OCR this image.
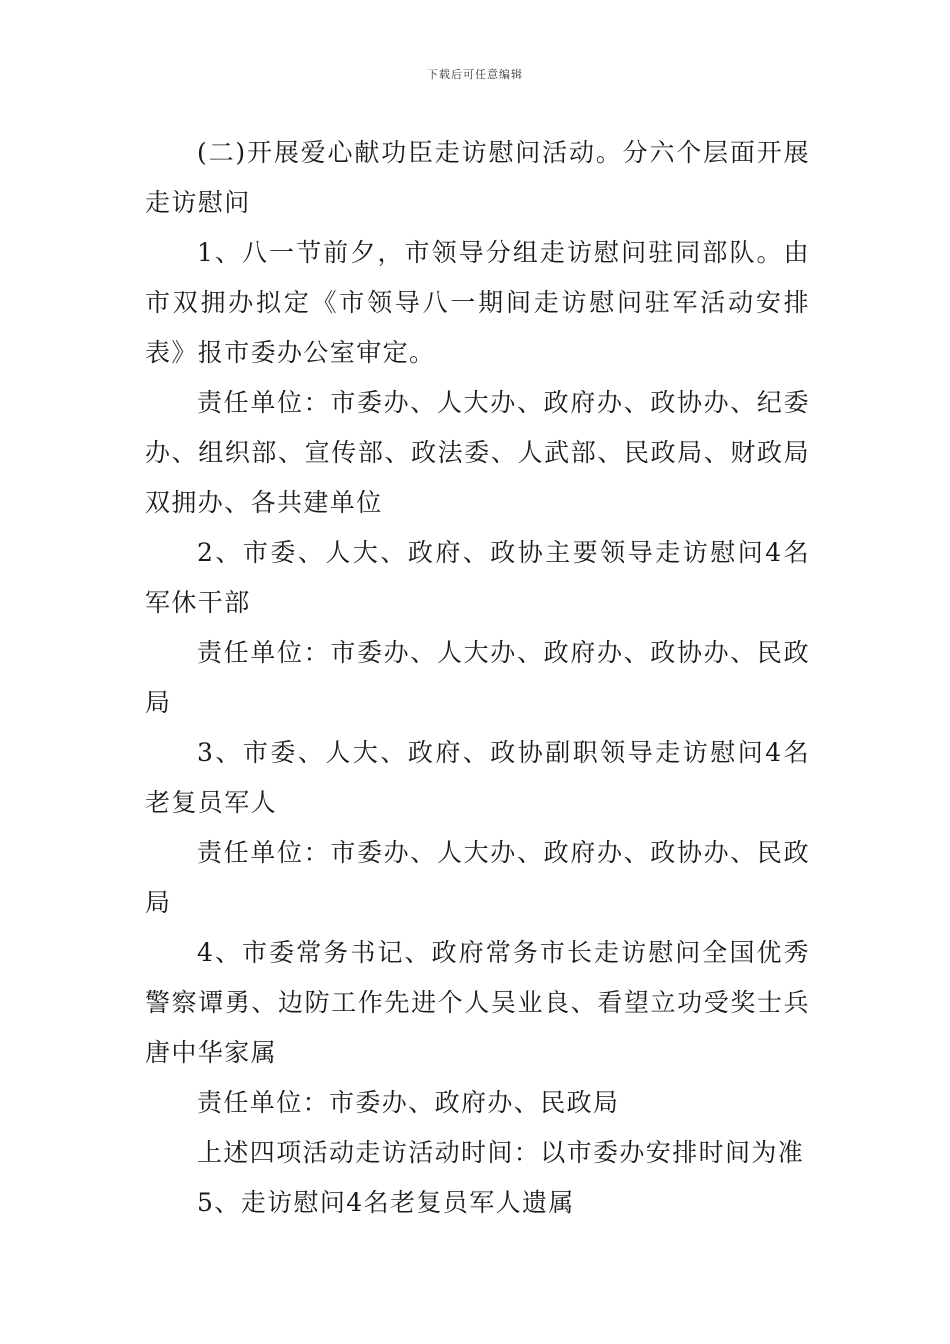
下载后可任意编辑

(二)开展爱心献功臣走访慰问活动。分六个层面开展走访慰问

1、八一节前夕，市领导分组走访慰问驻同部队。由市双拥办拟定《市领导八一期间走访慰问驻军活动安排表》报市委办公室审定。

责任单位：市委办、人大办、政府办、政协办、纪委办、组织部、宣传部、政法委、人武部、民政局、财政局双拥办、各共建单位

2、市委、人大、政府、政协主要领导走访慰问4名军休干部

责任单位：市委办、人大办、政府办、政协办、民政局

3、市委、人大、政府、政协副职领导走访慰问4名老复员军人

责任单位：市委办、人大办、政府办、政协办、民政局

4、市委常务书记、政府常务市长走访慰问全国优秀警察谭勇、边防工作先进个人吴业良、看望立功受奖士兵唐中华家属

责任单位：市委办、政府办、民政局

上述四项活动走访活动时间：以市委办安排时间为准

5、走访慰问4名老复员军人遗属
